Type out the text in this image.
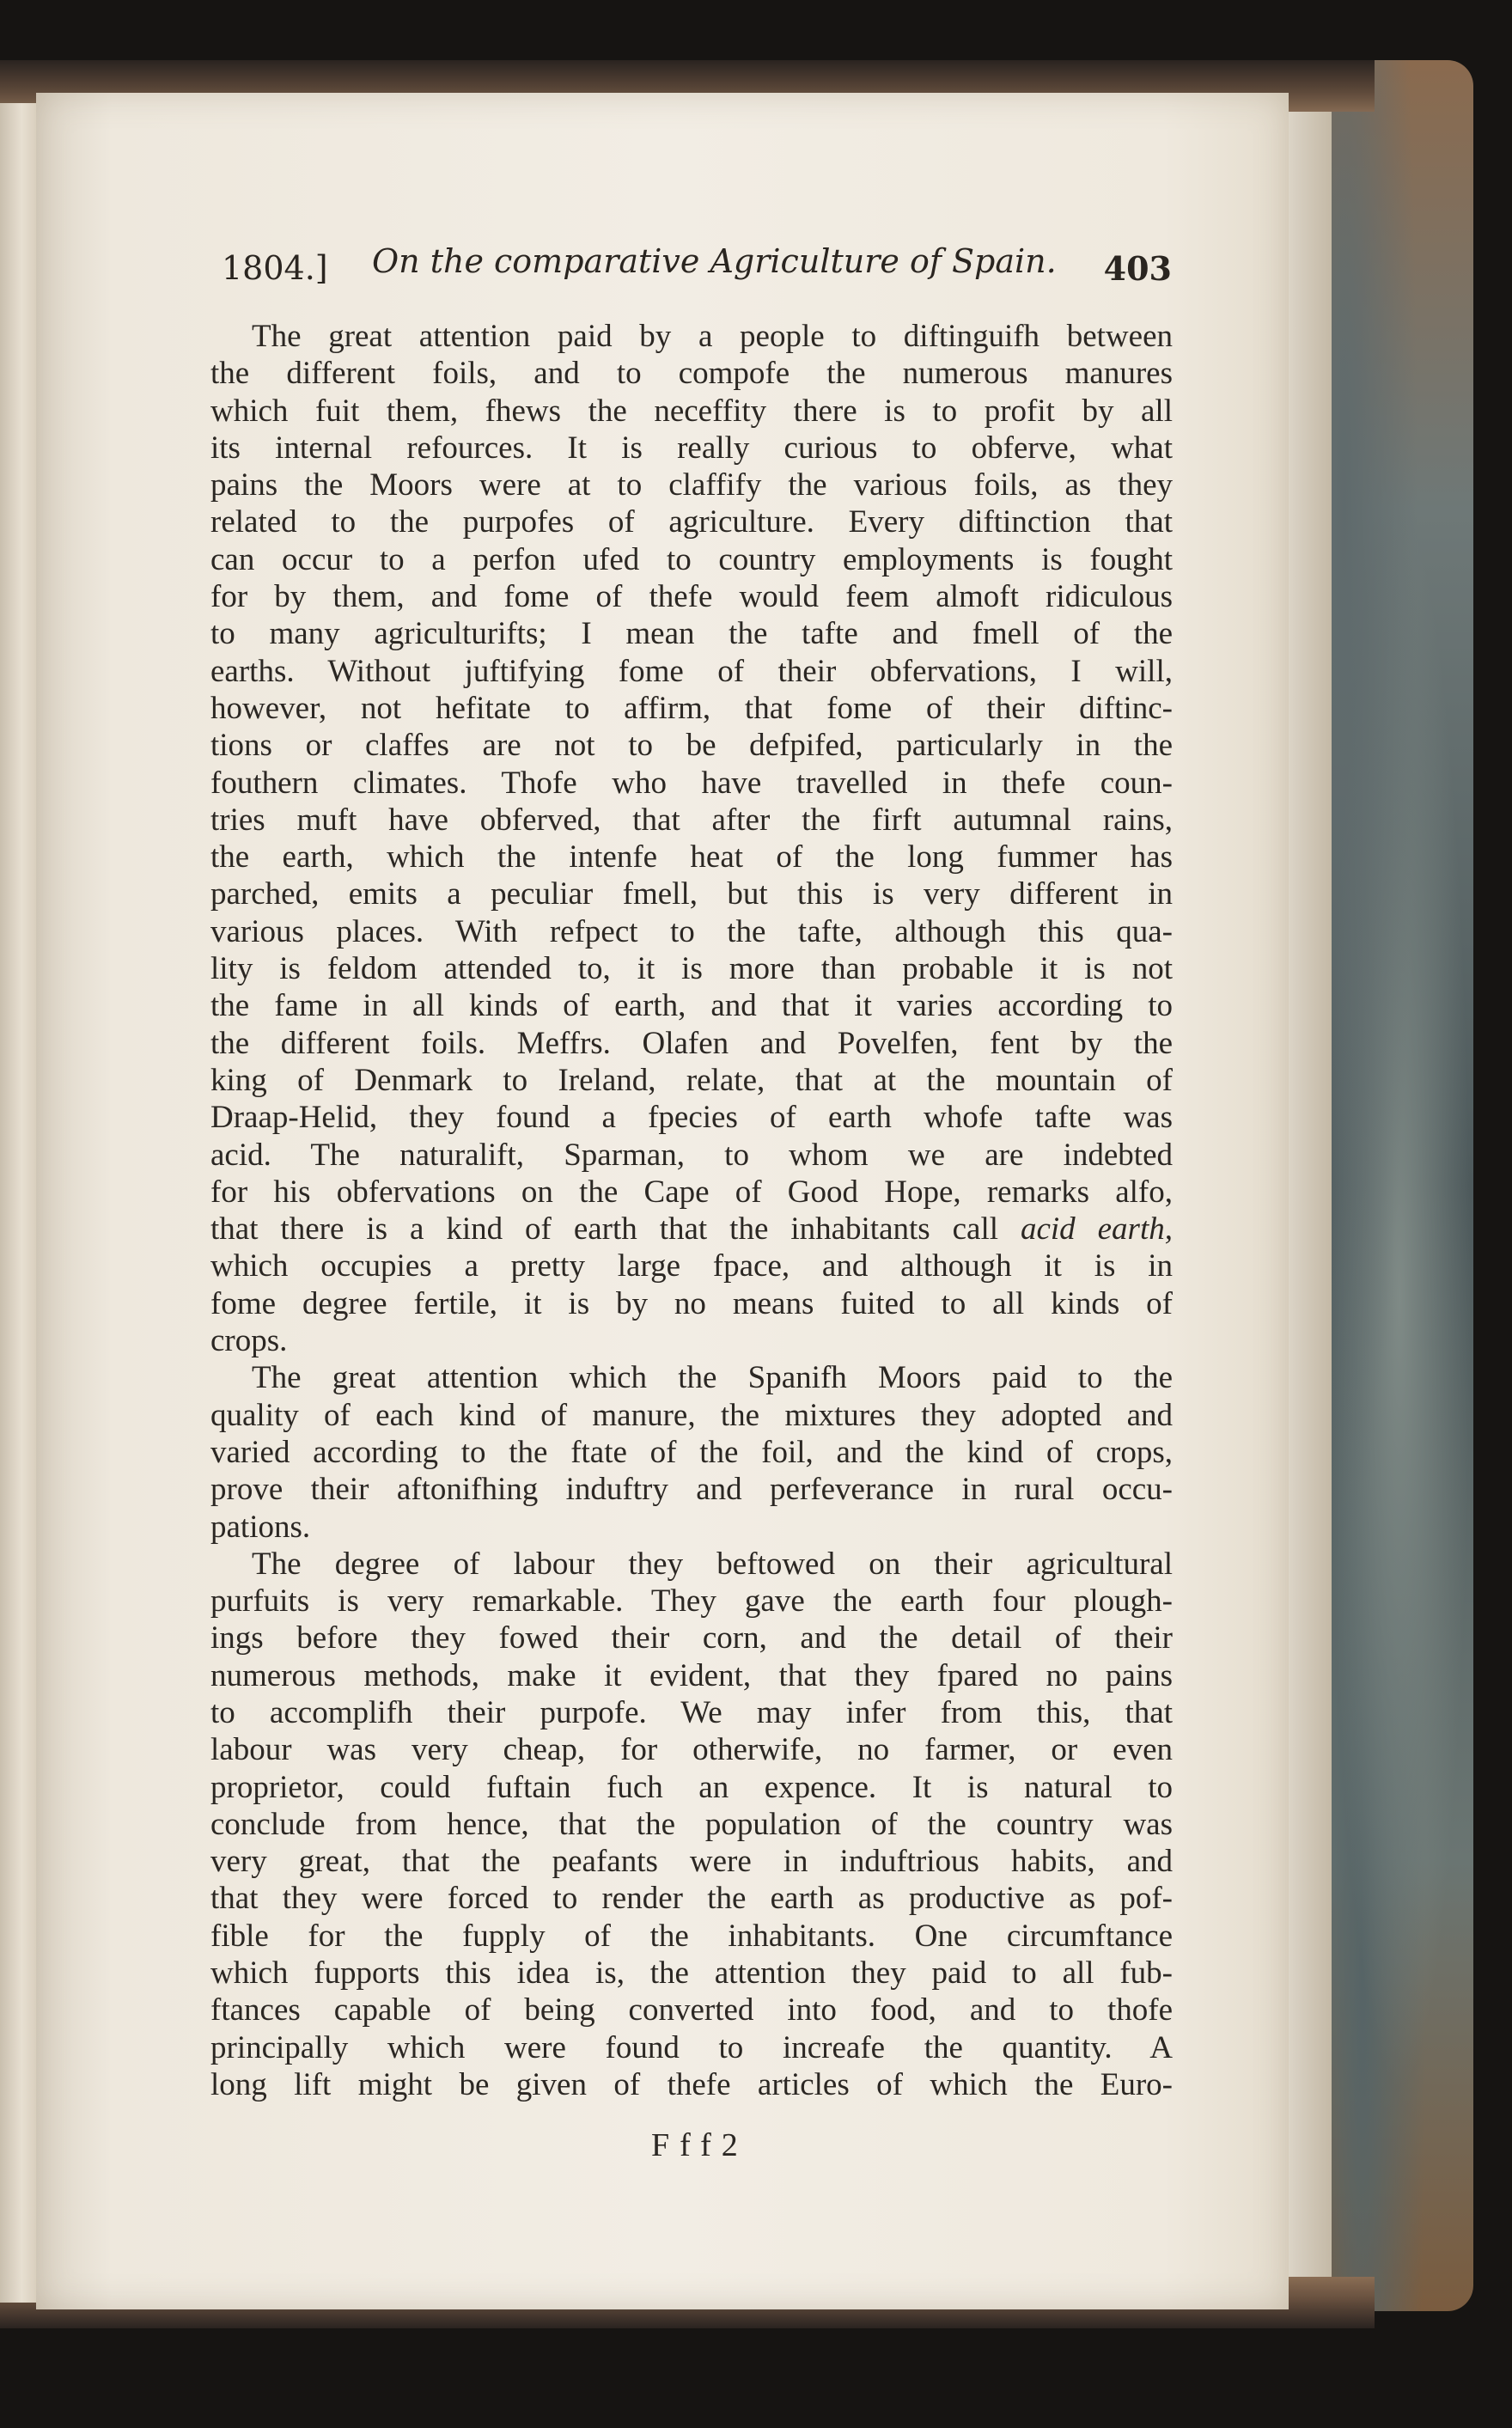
1804.] On the comparative Agriculture of Spain. 403
The great attention paid by a people to diftinguifh between
the different foils, and to compofe the numerous manures
which fuit them, fhews the neceffity there is to profit by all
its internal refources. It is really curious to obferve, what
pains the Moors were at to claffify the various foils, as they
related to the purpofes of agriculture. Every diftinction that
can occur to a perfon ufed to country employments is fought
for by them, and fome of thefe would feem almoft ridiculous
to many agriculturifts; I mean the tafte and fmell of the
earths. Without juftifying fome of their obfervations, I will,
however, not hefitate to affirm, that fome of their diftinc-
tions or claffes are not to be defpifed, particularly in the
fouthern climates. Thofe who have travelled in thefe coun-
tries muft have obferved, that after the firft autumnal rains,
the earth, which the intenfe heat of the long fummer has
parched, emits a peculiar fmell, but this is very different in
various places. With refpect to the tafte, although this qua-
lity is feldom attended to, it is more than probable it is not
the fame in all kinds of earth, and that it varies according to
the different foils. Meffrs. Olafen and Povelfen, fent by the
king of Denmark to Ireland, relate, that at the mountain of
Draap-Helid, they found a fpecies of earth whofe tafte was
acid. The naturalift, Sparman, to whom we are indebted
for his obfervations on the Cape of Good Hope, remarks alfo,
that there is a kind of earth that the inhabitants call acid earth,
which occupies a pretty large fpace, and although it is in
fome degree fertile, it is by no means fuited to all kinds of
crops.
The great attention which the Spanifh Moors paid to the
quality of each kind of manure, the mixtures they adopted and
varied according to the ftate of the foil, and the kind of crops,
prove their aftonifhing induftry and perfeverance in rural occu-
pations.
The degree of labour they beftowed on their agricultural
purfuits is very remarkable. They gave the earth four plough-
ings before they fowed their corn, and the detail of their
numerous methods, make it evident, that they fpared no pains
to accomplifh their purpofe. We may infer from this, that
labour was very cheap, for otherwife, no farmer, or even
proprietor, could fuftain fuch an expence. It is natural to
conclude from hence, that the population of the country was
very great, that the peafants were in induftrious habits, and
that they were forced to render the earth as productive as pof-
fible for the fupply of the inhabitants. One circumftance
which fupports this idea is, the attention they paid to all fub-
ftances capable of being converted into food, and to thofe
principally which were found to increafe the quantity. A
long lift might be given of thefe articles of which the Euro-
Fff2
